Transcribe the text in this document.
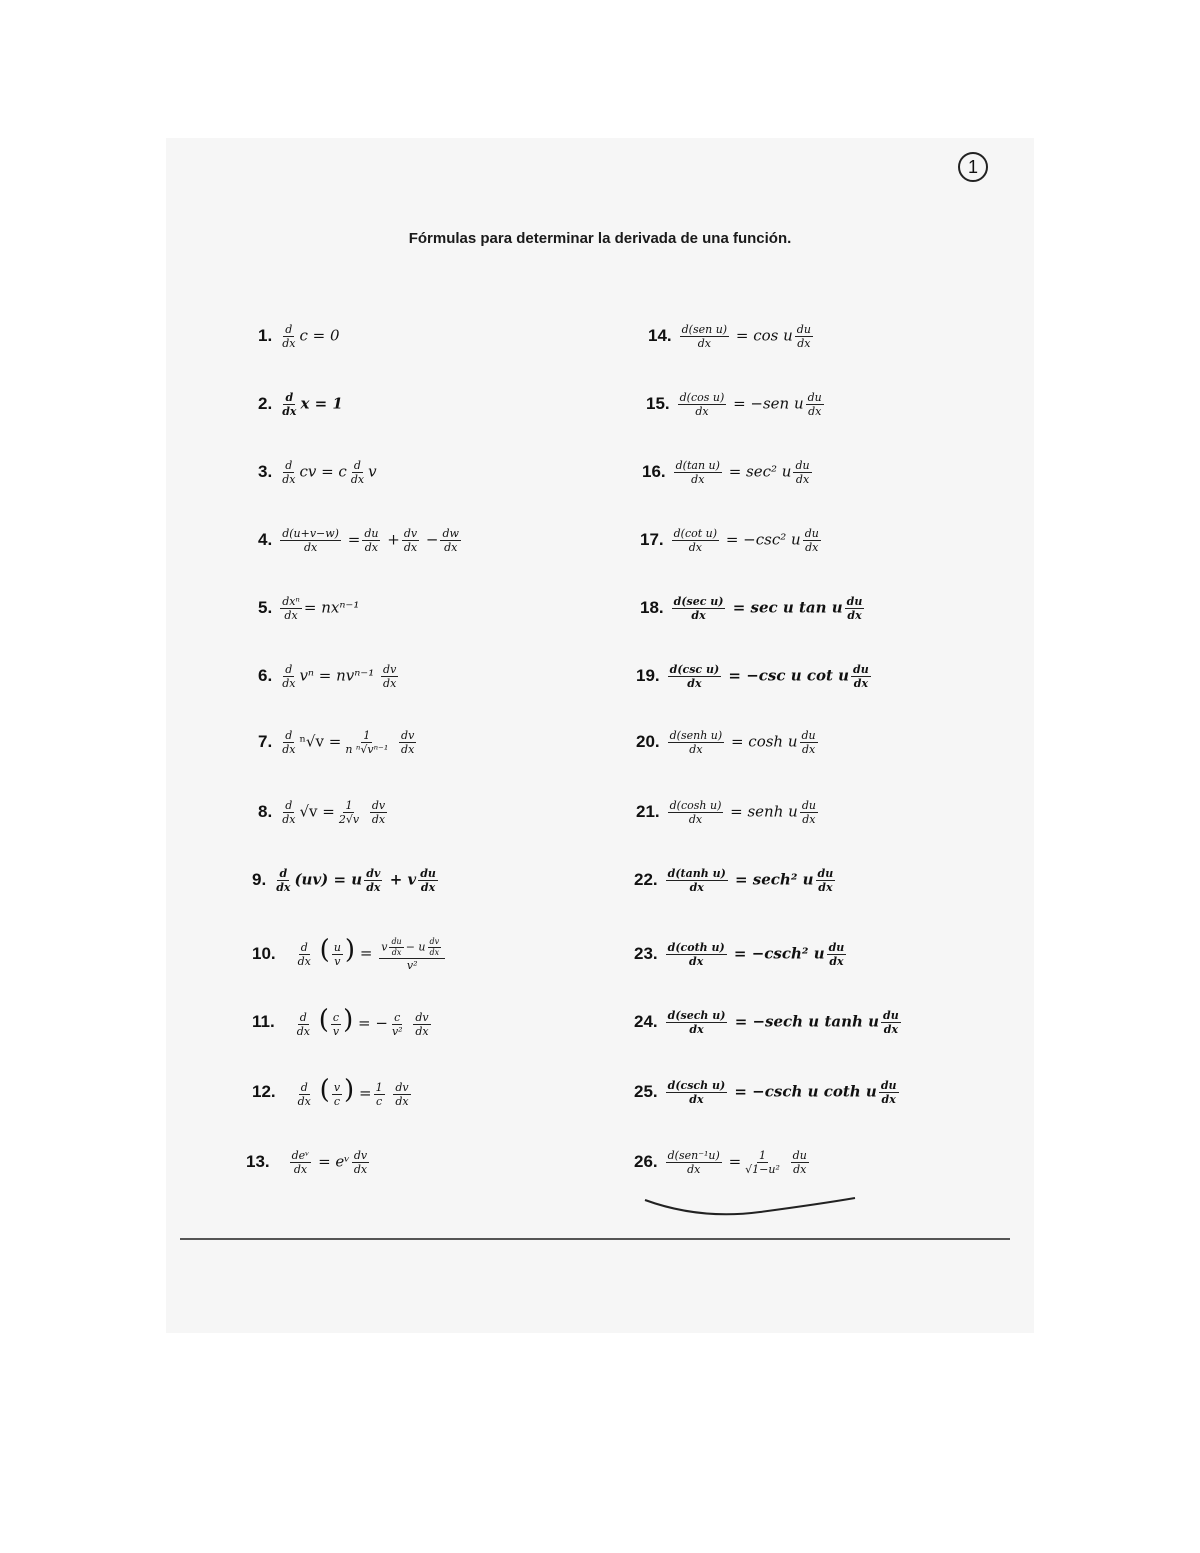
1
Fórmulas para determinar la derivada de una función.
1. $\frac{d}{dx}$ c = 0
2. $\frac{d}{dx}$ x = 1
3. $\frac{d}{dx}$ cv = c $\frac{d}{dx}$ v
4. $\frac{d(u+v-w)}{dx} = \frac{du}{dx} + \frac{dv}{dx} - \frac{dw}{dx}$
5. $\frac{\text{dxⁿ}}{dx} = nx^{n-1}$
6. $\frac{d}{dx}$ $v^n = nv^{n-1} \frac{dv}{dx}$
7. $\frac{d}{dx} ^n√v = \frac{1}{\text{n ⁿ√vⁿ⁻¹}}$
$\frac{dv}{dx}$
8. $\frac{d}{dx} √v = \frac{1}{2√v}$
$\frac{dv}{dx}$
9. $\frac{d}{dx} (uv) = u \frac{dv}{dx} + v \frac{du}{dx}$
10. $\frac{d}{dx}$ ( $\frac{u}{v}$ ) = $\frac{v \frac{du}{dx} - u \frac{dv}{dx}}{\text{v²}}$
11. $\frac{d}{dx}$ ( $\frac{c}{v}$ ) = − $\frac{c}{\text{v²}}$
$\frac{dv}{dx}$
12. $\frac{d}{dx}$ ( $\frac{v}{c}$ ) = $\frac{1}{c}$
$\frac{dv}{dx}$
13. $\frac{\text{deᵛ}}{dx}$ = eᵛ $\frac{dv}{dx}$
14. $\frac{\text{d(sen u)}}{dx} = \cos u \frac{du}{dx}$
15. $\frac{\text{d(cos u)}}{dx} = -sen$ u $\frac{du}{dx}$
16. $\frac{\text{d(tan u)}}{dx} = \sec^2$ u $\frac{du}{dx}$
17. $\frac{\text{d(cot u)}}{dx} = -\csc^2$ u $\frac{du}{dx}$
18. $\frac{\text{d(sec u)}}{dx} = \sec u$ tan u $\frac{du}{dx}$
19. $\frac{\text{d(csc u)}}{dx} = -\csc$ u cot u $\frac{du}{dx}$
20. $\frac{\text{d(senh u)}}{dx} = \cosh u \frac{du}{dx}$
21. $\frac{\text{d(cosh u)}}{dx}$ = senh u $\frac{du}{dx}$
22. $\frac{\text{d(tanh u)}}{dx} = \sec h^2$ u $\frac{du}{dx}$
23. $\frac{\text{d(coth u)}}{dx} = -\csc h^2$ u $\frac{du}{dx}$
24. $\frac{\text{d(sech u)}}{dx} = -\sec h$ u tanh u $\frac{du}{dx}$
25. $\frac{\text{d(csch u)}}{dx} = -\csc h$ u coth u $\frac{du}{dx}$
26. $\frac{\text{d(sen⁻¹u)}}{dx} = \frac{1}{\text{√1−u²}}$
$\frac{du}{dx}$
